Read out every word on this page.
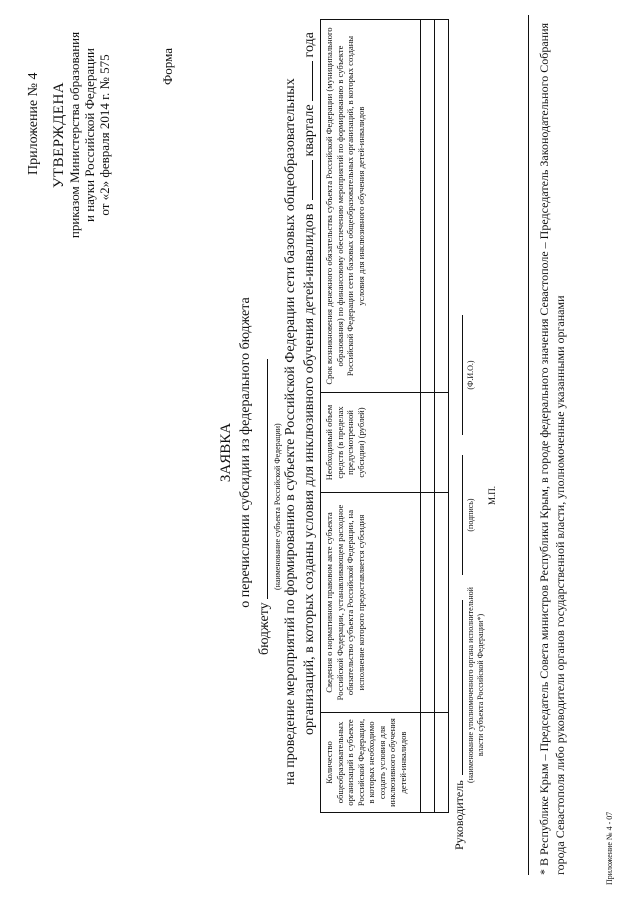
Приложение № 4 УТВЕРЖДЕНА приказом Министерства образования и науки Российской Федерации от «2» февраля 2014 г. № 575	Форма
ЗАЯВКА о перечислении субсидии из федерального бюджета
бюджету
(наименование субъекта Российской Федерации) на проведение мероприятий по формированию в субъекте Российской Федерации сети базовых общеобразовательных организаций, в которых созданы условия для инклюзивного обучения детей-инвалидов в  квартале  года
Количество общеобразовательных организаций в субъекте Российской Федерации, в которых необходимо создать условия для инклюзивного обучения детей-инвалидов	Сведения о нормативном правовом акте субъекта Российской Федерации, устанавливающем расходное обязательство субъекта Российской Федерации, на исполнение которого предоставляется субсидия	Необходимый объем средств (в пределах предусмотренной субсидии) (рублей)	Срок возникновения денежного обязательства субъекта Российской Федерации (муниципального образования) по финансовому обеспечению мероприятий по формированию в субъекте Российской Федерации сети базовых общеобразовательных организаций, в которых созданы условия для инклюзивного обучения детей-инвалидов

Руководитель
(наименование уполномоченного органа исполнительной власти субъекта Российской Федерации*)
(подпись)
(Ф.И.О.)
М.П.	* В Республике Крым – Председатель Совета министров Республики Крым, в городе федерального значения Севастополе – Председатель Законодательного Собрания города Севастополя либо руководители органов государственной власти, уполномоченные указанными органами	Приложение № 4 - 07
